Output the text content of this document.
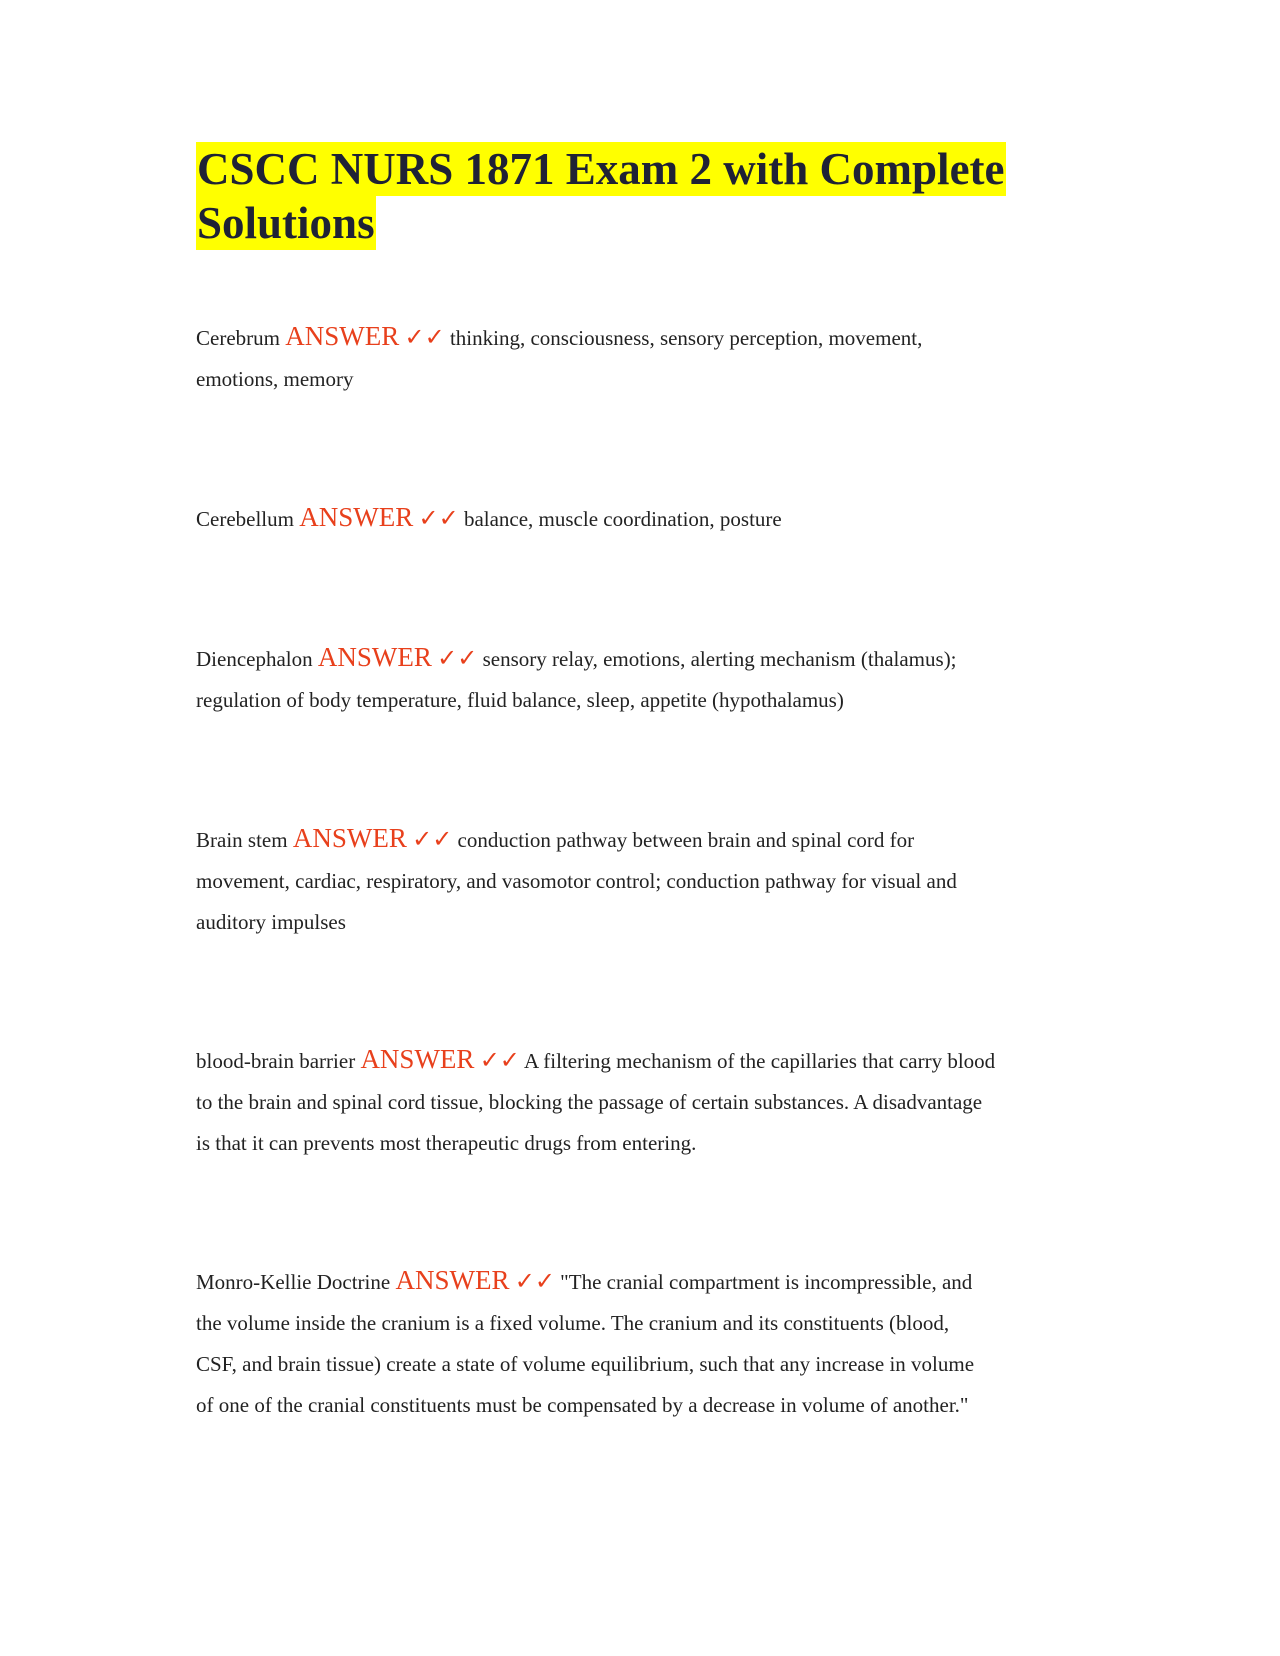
CSCC NURS 1871 Exam 2 with Complete
Solutions
Cerebrum ANSWER ✓✓ thinking, consciousness, sensory perception, movement,
emotions, memory
Cerebellum ANSWER ✓✓ balance, muscle coordination, posture
Diencephalon ANSWER ✓✓ sensory relay, emotions, alerting mechanism (thalamus);
regulation of body temperature, fluid balance, sleep, appetite (hypothalamus)
Brain stem ANSWER ✓✓ conduction pathway between brain and spinal cord for
movement, cardiac, respiratory, and vasomotor control; conduction pathway for visual and
auditory impulses
blood-brain barrier ANSWER ✓✓ A filtering mechanism of the capillaries that carry blood
to the brain and spinal cord tissue, blocking the passage of certain substances. A disadvantage
is that it can prevents most therapeutic drugs from entering.
Monro-Kellie Doctrine ANSWER ✓✓ "The cranial compartment is incompressible, and
the volume inside the cranium is a fixed volume. The cranium and its constituents (blood,
CSF, and brain tissue) create a state of volume equilibrium, such that any increase in volume
of one of the cranial constituents must be compensated by a decrease in volume of another."
